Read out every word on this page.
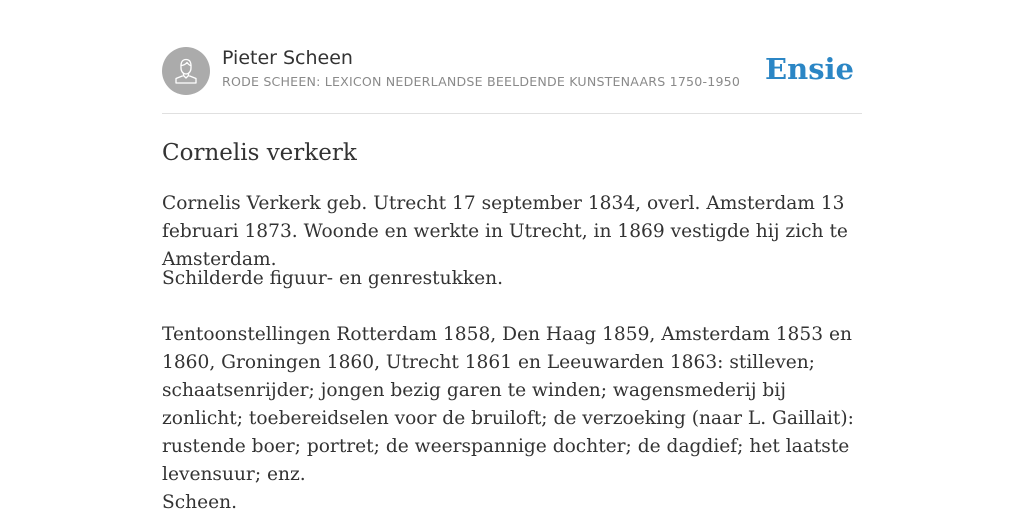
Pieter Scheen
RODE SCHEEN: LEXICON NEDERLANDSE BEELDENDE KUNSTENAARS 1750-1950 Ensie
Cornelis verkerk

Cornelis Verkerk geb. Utrecht 17 september 1834, overl. Amsterdam 13 februari 1873. Woonde en werkte in Utrecht, in 1869 vestigde hij zich te Amsterdam.

Schilderde figuur- en genrestukken.

Tentoonstellingen Rotterdam 1858, Den Haag 1859, Amsterdam 1853 en 1860, Groningen 1860, Utrecht 1861 en Leeuwarden 1863: stilleven; schaatsenrijder; jongen bezig garen te winden; wagensmederij bij zonlicht; toebereidselen voor de bruiloft; de verzoeking (naar L. Gaillait): rustende boer; portret; de weerspannige dochter; de dagdief; het laatste levensuur; enz.

Scheen.
